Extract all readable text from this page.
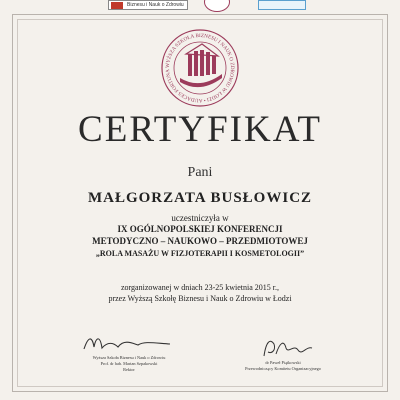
Biznesu i Nauk o Zdrowiu
WYŻSZA SZKOŁA BIZNESU I NAUK O ZDROWIU W ŁODZI • AUDACES FORTUNA
CERTYFIKAT
Pani
MAŁGORZATA BUSŁOWICZ
uczestniczyła w
IX OGÓLNOPOLSKIEJ KONFERENCJI
METODYCZNO – NAUKOWO – PRZEDMIOTOWEJ
„ROLA MASAŻU W FIZJOTERAPII I KOSMETOLOGII”
zorganizowanej w dniach 23-25 kwietnia 2015 r.,
przez Wyższą Szkołę Biznesu i Nauk o Zdrowiu w Łodzi
Wyższa Szkoła Biznesu i Nauk o Zdrowiu
Prof. dr hab. Marian Szpakowski
Rektor
dr Paweł Piątkowski
Przewodniczący Komitetu Organizacyjnego
